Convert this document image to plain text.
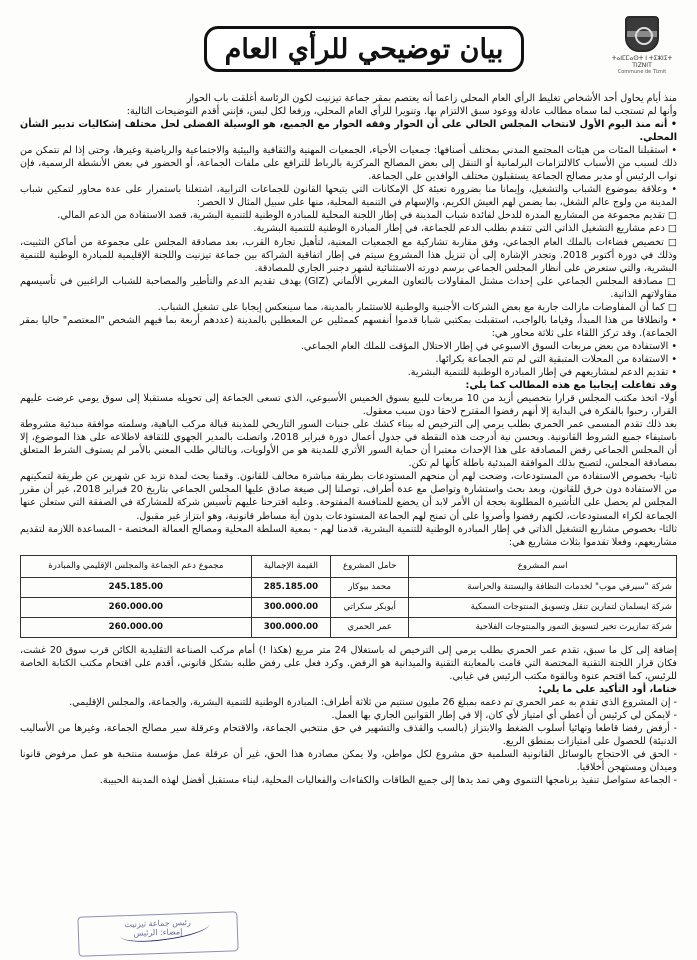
ⵜⴰⵏⵎⵎⴰⵙⵜ ⵏ ⵜⵉⵣⵏⵉⵜ
TIZNIT
Commune de Tiznit
بيان توضيحي للرأي العام

منذ أيام يحاول أحد الأشخاص تغليط الرأي العام المحلي زاعما أنه يعتصم بمقر جماعة تيزنيت لكون الرئاسة أغلقت باب الحوار

وأنها لم تستجب لما سماه مطالب عادلة ووعود سبق الالتزام بها. وتنويرا للرأي العام المحلي، ورفعا لكل لبس، فإنني أقدم التوضيحات التالية:

• أنه منذ اليوم الأول لانتخاب المجلس الحالي على أن الحوار وفقه الحوار مع الجميع، هو الوسيلة الفضلى لحل مختلف إشكاليات تدبير الشأن المحلي.

• استقبلنا المئات من هيئات المجتمع المدني بمختلف أصنافها: جمعيات الأحياء، الجمعيات المهنية والثقافية والبيئية والاجتماعية والرياضية وغيرها، وحتى إذا لم نتمكن من ذلك لسبب من الأسباب كالالتزامات البرلمانية أو التنقل إلى بعض المصالح المركزية بالرباط للترافع على ملفات الجماعة، أو الحضور في بعض الأنشطة الرسمية، فإن نواب الرئيس أو مدير مصالح الجماعة يستقبلون مختلف الوافدين على الجماعة.

• وعلاقة بموضوع الشباب والتشغيل، وإيمانا منا بضرورة تعبئة كل الإمكانات التي يتيحها القانون للجماعات الترابية، اشتغلنا باستمرار على عدة محاور لتمكين شباب المدينة من ولوج عالم الشغل، بما يضمن لهم العيش الكريم، والإسهام في التنمية المحلية، منها على سبيل المثال لا الحصر:

□ تقديم مجموعة من المشاريع المدرة للدخل لفائدة شباب المدينة في إطار اللجنة المحلية للمبادرة الوطنية للتنمية البشرية، قصد الاستفادة من الدعم المالي.

□ دعم مشاريع التشغيل الذاتي التي تتقدم بطلب الدعم للجماعة، في إطار المبادرة الوطنية للتنمية البشرية.

□ تخصيص فضاءات بالملك العام الجماعي، وفق مقاربة تشاركية مع الجمعيات المعنية، لتأهيل تجارة القرب، بعد مصادقة المجلس على مجموعة من أماكن التثبيت، وذلك في دورة أكتوبر 2018. وتجدر الإشارة إلى أن تنزيل هذا المشروع سيتم في إطار اتفاقية الشراكة بين جماعة تيزنيت واللجنة الإقليمية للمبادرة الوطنية للتنمية البشرية، والتي ستعرض على أنظار المجلس الجماعي برسم دورته الاستثنائية لشهر دجنبر الجاري للمصادقة.

□ مصادقة المجلس الجماعي على إحداث مشتل المقاولات بالتعاون المغربي الألماني (GIZ) بهدف تقديم الدعم والتأطير والمصاحبة للشباب الراغبين في تأسيسهم مقاولاتهم الذاتية.

□ كما أن المفاوضات مازالت جارية مع بعض الشركات الأجنبية والوطنية للاستثمار بالمدينة، مما سينعكس إيجابا على تشغيل الشباب.

• وانطلاقا من هذا المبدأ، وقياما بالواجب، استقبلت بمكتبي شبابا قدموا أنفسهم كممثلين عن المعطلين بالمدينة (عددهم أربعة بما فيهم الشخص "المعتصم" حاليا بمقر الجماعة). وقد تركز اللقاء على ثلاثة محاور هي:

• الاستفادة من بعض مربعات السوق الاسبوعي في إطار الاحتلال المؤقت للملك العام الجماعي.

• الاستفادة من المحلات المتبقية التي لم تتم الجماعة بكرائها.

• تقديم الدعم لمشاريعهم في إطار المبادرة الوطنية للتنمية البشرية.

وقد تفاعلت إيجابيا مع هذه المطالب كما يلي:

أولا- اتخذ مكتب المجلس قرارا بتخصيص أزيد من 10 مربعات للبيع بسوق الخميس الأسبوعي، الذي تسعى الجماعة إلى تحويله مستقبلا إلى سوق يومي عرضت عليهم القرار، رحبوا بالفكرة في البداية إلا أنهم رفضوا المقترح لاحقا دون سبب معقول.

بعد ذلك تقدم المسمى عمر الحمري بطلب يرمي إلى الترخيص له ببناء كشك على جنبات السور التاريخي للمدينة قبالة مركب الباهية، وسلمته موافقة مبدئية مشروطة باستيفاء جميع الشروط القانونية. وبحسن نية أدرجت هذه النقطة في جدول أعمال دورة فبراير 2018، واتصلت بالمدير الجهوي للثقافة لاطلاعه على هذا الموضوع، إلا أن المجلس الجماعي رفض المصادقة على هذا الإحداث معتبرا أن حماية السور الأثري للمدينة هو من الأولويات، وبالتالي طلب المعني بالأمر لم يستوف الشرط المتعلق بمصادقة المجلس، لتصبح بذلك الموافقة المبدئية باطلة كأنها لم تكن.

ثانيا- بخصوص الاستفادة من المستودعات، وضحت لهم أن منحهم المستودعات بطريقة مباشرة مخالف للقانون. وقمنا بحث لمدة تزيد عن شهرين عن طريقة لتمكينهم من الاستفادة دون خرق للقانون، وبعد بحث واستشارة وتواصل مع عدة أطراف، توصلنا إلى صيغة صادق عليها المجلس الجماعي بتاريخ 20 فبراير 2018، غير أن مقرر المجلس لم يحصل على التأشيرة المطلوبة بحجة أن الأمر لابد أن يخضع للمنافسة المفتوحة. وعليه اقترحنا عليهم تأسيس شركة للمشاركة في الصفقة التي ستعلن عنها الجماعة لكراء المستودعات، لكنهم رفضوا وأصروا على أن تمنح لهم الجماعة المستودعات بدون أية مساطر قانونية، وهو ابتزاز غير مقبول.

ثالثا- بخصوص مشاريع التشغيل الذاتي في إطار المبادرة الوطنية للتنمية البشرية، قدمنا لهم - بمعية السلطة المحلية ومصالح العمالة المختصة - المساعدة اللازمة لتقديم مشاريعهم، وفعلا تقدموا بثلاث مشاريع هي:

اسم المشروع	حامل المشروع	القيمة الإجمالية	مجموع دعم الجماعة والمجلس الإقليمي والمبادرة
شركة "سيرفي موب" لخدمات النظافة والبستنة والحراسة	محمد بيوكار	285.185.00	245.185.00
شركة ايسلمان لتمارين تنقل وتسويق المنتوجات السمكية	أيوبكر سكراتي	300.000.00	260.000.00
شركة تمازيرت تخير لتسويق التمور والمنتوجات الفلاحية	عمر الحمري	300.000.00	260.000.00

إضافة إلى كل ما سبق، تقدم عمر الحمري بطلب يرمي إلى الترخيص له باستغلال 24 متر مربع (هكذا !) أمام مركب الصناعة التقليدية الكائن قرب سوق 20 غشت، فكان قرار اللجنة التقنية المختصة التي قامت بالمعاينة التقنية والميدانية هو الرفض. وكرد فعل على رفض طلبه بشكل قانوني، أقدم على اقتحام مكتب الكتابة الخاصة للرئيس، كما اقتحم عنوة وبالقوة مكتب الرئيس في غيابي.

ختاما، أود التأكيد على ما يلي:

- إن المشروع الذي تقدم به عمر الحمري تم دعمه بمبلغ 26 مليون سنتيم من ثلاثة أطراف: المبادرة الوطنية للتنمية البشرية، والجماعة، والمجلس الإقليمي.

- لايمكن لي كرئيس أن أعطي أي امتياز لأي كان، إلا في إطار القوانين الجاري بها العمل.

- أرفض رفضا قاطعا وتهائيا أسلوب الضغط والابتزاز (بالسب والقذف والتشهير في حق منتخبي الجماعة، والاقتحام وعرقلة سير مصالح الجماعة، وغيرها من الأساليب الدنيئة) للحصول على امتيازات بمنطق الريع.

- الحق في الاحتجاج بالوسائل القانونية السلمية حق مشروع لكل مواطن، ولا يمكن مصادرة هذا الحق، غير أن عرقلة عمل مؤسسة منتخبة هو عمل مرفوض قانونا وميدان ومستهجن أخلاقيا.

- الجماعة ستواصل تنفيذ برنامجها التنموي وهي تمد يدها إلى جميع الطاقات والكفاءات والفعاليات المحلية، لبناء مستقبل أفضل لهذه المدينة الحبيبة.

رئيس جماعة تيزنيت
إمضاء: الرئيس
